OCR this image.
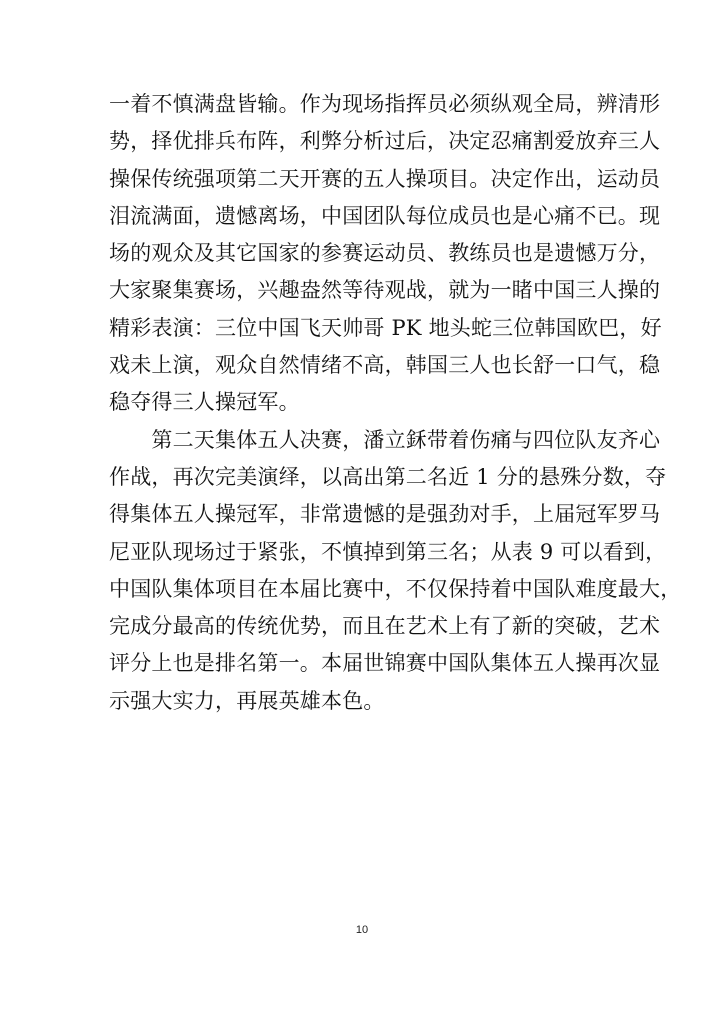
一着不慎满盘皆输。作为现场指挥员必须纵观全局，辨清形
势，择优排兵布阵，利弊分析过后，决定忍痛割爱放弃三人
操保传统强项第二天开赛的五人操项目。决定作出，运动员
泪流满面，遗憾离场，中国团队每位成员也是心痛不已。现
场的观众及其它国家的参赛运动员、教练员也是遗憾万分，
大家聚集赛场，兴趣盎然等待观战，就为一睹中国三人操的
精彩表演：三位中国飞天帅哥 PK 地头蛇三位韩国欧巴，好
戏未上演，观众自然情绪不高，韩国三人也长舒一口气，稳
稳夺得三人操冠军。
　　第二天集体五人决赛，潘立鉌带着伤痛与四位队友齐心
作战，再次完美演绎，以高出第二名近 1 分的悬殊分数，夺
得集体五人操冠军，非常遗憾的是强劲对手，上届冠军罗马
尼亚队现场过于紧张，不慎掉到第三名；从表 9 可以看到，
中国队集体项目在本届比赛中，不仅保持着中国队难度最大，
完成分最高的传统优势，而且在艺术上有了新的突破，艺术
评分上也是排名第一。本届世锦赛中国队集体五人操再次显
示强大实力，再展英雄本色。
10
